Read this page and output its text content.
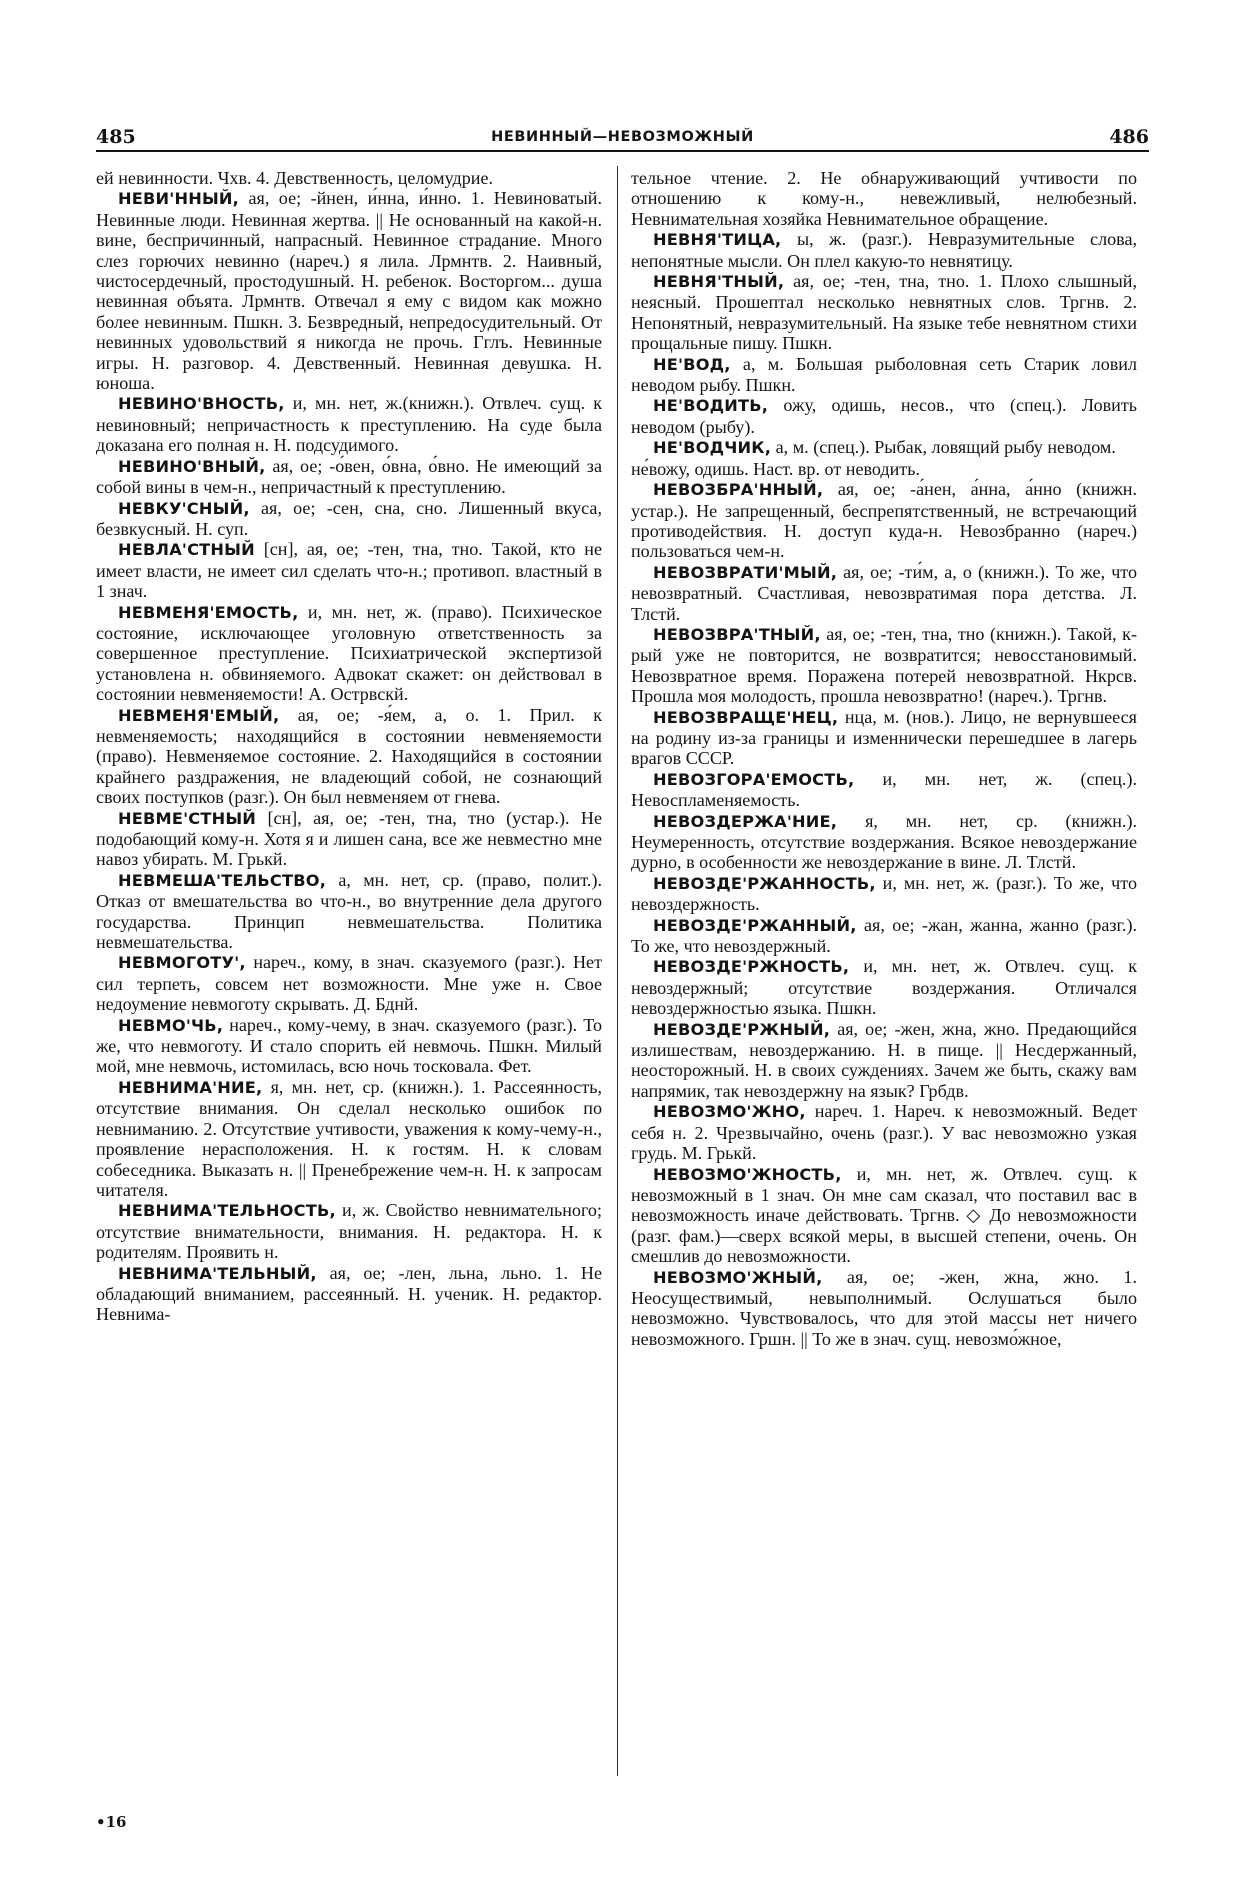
485	НЕВИННЫЙ—НЕВОЗМОЖНЫЙ	486

ей невинности. Чхв. 4. Девственность, целомудрие.

НЕВИ'ННЫЙ, ая, ое; -йнен, и́нна, и́нно. 1. Невиноватый. Невинные люди. Невинная жертва. || Не основанный на какой-н. вине, беспричинный, напрасный. Невинное страдание. Много слез горючих невинно (нареч.) я лила. Лрмнтв. 2. Наивный, чистосердечный, простодушный. Н. ребенок. Восторгом... душа невинная объята. Лрмнтв. Отвечал я ему с видом как можно более невинным. Пшкн. 3. Безвредный, непредосудительный. От невинных удовольствий я никогда не прочь. Гглъ. Невинные игры. Н. разговор. 4. Девственный. Невинная девушка. Н. юноша.

НЕВИНО'ВНОСТЬ, и, мн. нет, ж.(книжн.). Отвлеч. сущ. к невиновный; непричастность к преступлению. На суде была доказана его полная н. Н. подсудимого.

НЕВИНО'ВНЫЙ, ая, ое; -о́вен, о́вна, о́вно. Не имеющий за собой вины в чем-н., непричастный к преступлению.

НЕВКУ'СНЫЙ, ая, ое; -сен, сна, сно. Лишенный вкуса, безвкусный. Н. суп.

НЕВЛА'СТНЫЙ [сн], ая, ое; -тен, тна, тно. Такой, кто не имеет власти, не имеет сил сделать что-н.; противоп. властный в 1 знач.

НЕВМЕНЯ'ЕМОСТЬ, и, мн. нет, ж. (право). Психическое состояние, исключающее уголовную ответственность за совершенное преступление. Психиатрической экспертизой установлена н. обвиняемого. Адвокат скажет: он действовал в состоянии невменяемости! А. Острвскй.

НЕВМЕНЯ'ЕМЫЙ, ая, ое; -я́ем, а, о. 1. Прил. к невменяемость; находящийся в состоянии невменяемости (право). Невменяемое состояние. 2. Находящийся в состоянии крайнего раздражения, не владеющий собой, не сознающий своих поступков (разг.). Он был невменяем от гнева.

НЕВМЕ'СТНЫЙ [сн], ая, ое; -тен, тна, тно (устар.). Не подобающий кому-н. Хотя я и лишен сана, все же невместно мне навоз убирать. М. Грькй.

НЕВМЕША'ТЕЛЬСТВО, а, мн. нет, ср. (право, полит.). Отказ от вмешательства во что-н., во внутренние дела другого государства. Принцип невмешательства. Политика невмешательства.

НЕВМОГОТУ', нареч., кому, в знач. сказуемого (разг.). Нет сил терпеть, совсем нет возможности. Мне уже н. Свое недоумение невмоготу скрывать. Д. Бднй.

НЕВМО'ЧЬ, нареч., кому-чему, в знач. сказуемого (разг.). То же, что невмоготу. И стало спорить ей невмочь. Пшкн. Милый мой, мне невмочь, истомилась, всю ночь тосковала. Фет.

НЕВНИМА'НИЕ, я, мн. нет, ср. (книжн.). 1. Рассеянность, отсутствие внимания. Он сделал несколько ошибок по невниманию. 2. Отсутствие учтивости, уважения к кому-чему-н., проявление нерасположения. Н. к гостям. Н. к словам собеседника. Выказать н. || Пренебрежение чем-н. Н. к запросам читателя.

НЕВНИМА'ТЕЛЬНОСТЬ, и, ж. Свойство невнимательного; отсутствие внимательности, внимания. Н. редактора. Н. к родителям. Проявить н.

НЕВНИМА'ТЕЛЬНЫЙ, ая, ое; -лен, льна, льно. 1. Не обладающий вниманием, рассеянный. Н. ученик. Н. редактор. Невнима-

тельное чтение. 2. Не обнаруживающий учтивости по отношению к кому-н., невежливый, нелюбезный. Невнимательная хозяйка Невнимательное обращение.

НЕВНЯ'ТИЦА, ы, ж. (разг.). Невразумительные слова, непонятные мысли. Он плел какую-то невнятицу.

НЕВНЯ'ТНЫЙ, ая, ое; -тен, тна, тно. 1. Плохо слышный, неясный. Прошептал несколько невнятных слов. Тргнв. 2. Непонятный, невразумительный. На языке тебе невнятном стихи прощальные пишу. Пшкн.

НЕ'ВОД, а, м. Большая рыболовная сеть Старик ловил неводом рыбу. Пшкн.

НЕ'ВОДИТЬ, ожу, одишь, несов., что (спец.). Ловить неводом (рыбу).

НЕ'ВОДЧИК, а, м. (спец.). Рыбак, ловящий рыбу неводом.

не́вожу, одишь. Наст. вр. от неводить.

НЕВОЗБРА'ННЫЙ, ая, ое; -а́нен, а́нна, а́нно (книжн. устар.). Не запрещенный, беспрепятственный, не встречающий противодействия. Н. доступ куда-н. Невозбранно (нареч.) пользоваться чем-н.

НЕВОЗВРАТИ'МЫЙ, ая, ое; -ти́м, а, о (книжн.). То же, что невозвратный. Счастливая, невозвратимая пора детства. Л. Тлстй.

НЕВОЗВРА'ТНЫЙ, ая, ое; -тен, тна, тно (книжн.). Такой, к-рый уже не повторится, не возвратится; невосстановимый. Невозвратное время. Поражена потерей невозвратной. Нкрсв. Прошла моя молодость, прошла невозвратно! (нареч.). Тргнв.

НЕВОЗВРАЩЕ'НЕЦ, нца, м. (нов.). Лицо, не вернувшееся на родину из-за границы и изменнически перешедшее в лагерь врагов СССР.

НЕВОЗГОРА'ЕМОСТЬ, и, мн. нет, ж. (спец.). Невоспламеняемость.

НЕВОЗДЕРЖА'НИЕ, я, мн. нет, ср. (книжн.). Неумеренность, отсутствие воздержания. Всякое невоздержание дурно, в особенности же невоздержание в вине. Л. Тлстй.

НЕВОЗДЕ'РЖАННОСТЬ, и, мн. нет, ж. (разг.). То же, что невоздержность.

НЕВОЗДЕ'РЖАННЫЙ, ая, ое; -жан, жанна, жанно (разг.). То же, что невоздержный.

НЕВОЗДЕ'РЖНОСТЬ, и, мн. нет, ж. Отвлеч. сущ. к невоздержный; отсутствие воздержания. Отличался невоздержностью языка. Пшкн.

НЕВОЗДЕ'РЖНЫЙ, ая, ое; -жен, жна, жно. Предающийся излишествам, невоздержанию. Н. в пище. || Несдержанный, неосторожный. Н. в своих суждениях. Зачем же быть, скажу вам напрямик, так невоздержну на язык? Грбдв.

НЕВОЗМО'ЖНО, нареч. 1. Нареч. к невозможный. Ведет себя н. 2. Чрезвычайно, очень (разг.). У вас невозможно узкая грудь. М. Грькй.

НЕВОЗМО'ЖНОСТЬ, и, мн. нет, ж. Отвлеч. сущ. к невозможный в 1 знач. Он мне сам сказал, что поставил вас в невозможность иначе действовать. Тргнв. ◇ До невозможности (разг. фам.)—сверх всякой меры, в высшей степени, очень. Он смешлив до невозможности.

НЕВОЗМО'ЖНЫЙ, ая, ое; -жен, жна, жно. 1. Неосуществимый, невыполнимый. Ослушаться было невозможно. Чувствовалось, что для этой массы нет ничего невозможного. Гршн. || То же в знач. сущ. невозмо́жное,

•16
